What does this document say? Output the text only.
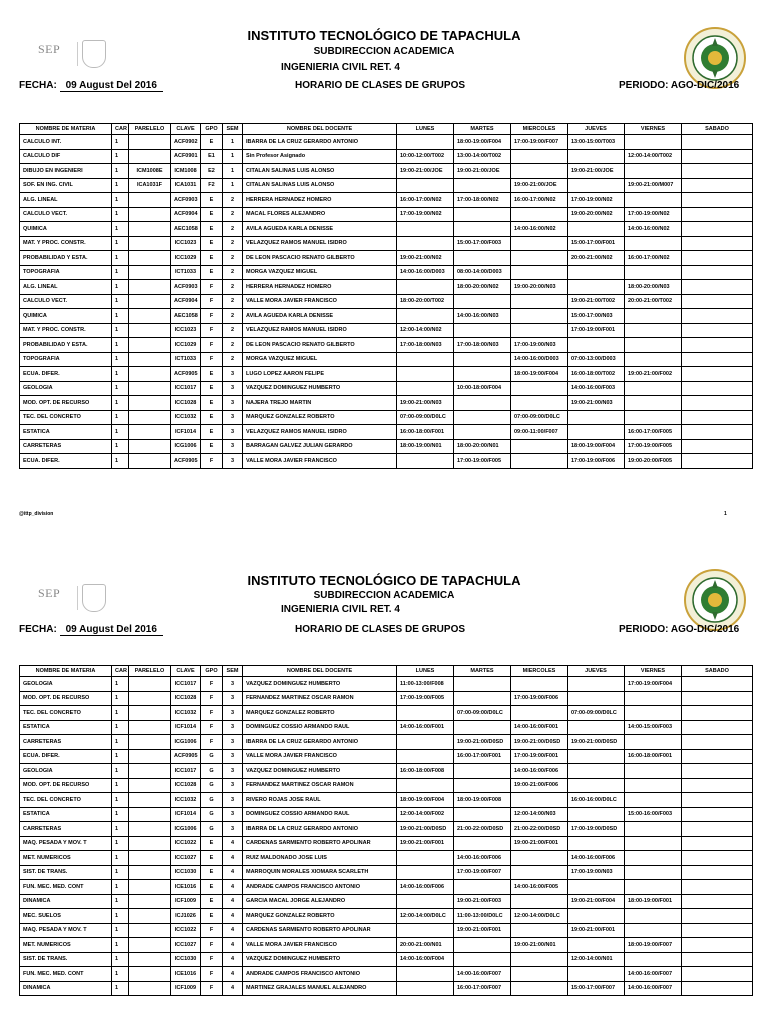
SEP
INSTITUTO TECNOLÓGICO DE TAPACHULA
SUBDIRECCION ACADEMICA
INGENIERIA CIVIL RET. 4
FECHA: 09 August Del 2016	HORARIO DE CLASES DE GRUPOS	PERIODO: AGO-DIC/2016
NOMBRE DE MATERIA	CAR	PARELELO	CLAVE	GPO	SEM	NOMBRE DEL DOCENTE	LUNES	MARTES	MIERCOLES	JUEVES	VIERNES	SABADO
CALCULO INT.	1		ACF0902	E	1	IBARRA DE LA CRUZ GERARDO ANTONIO		18:00-19:00/F004	17:00-19:00/F007	13:00-15:00/T003		
CALCULO DIF	1		ACF0901	E1	1	Sin Profesor Asignado	10:00-12:00/T002	13:00-14:00/T002			12:00-14:00/T002	
DIBUJO EN INGENIERI	1	ICM1008E	ICM1008	E2	1	CITALAN SALINAS LUIS ALONSO	19:00-21:00/JOE	19:00-21:00/JOE		19:00-21:00/JOE		
SOF. EN ING. CIVIL	1	ICA1031F	ICA1031	F2	1	CITALAN SALINAS LUIS ALONSO			19:00-21:00/JOE		19:00-21:00/M007	
ALG. LINEAL	1		ACF0903	E	2	HERRERA HERNADEZ HOMERO	16:00-17:00/N02	17:00-18:00/N02	16:00-17:00/N02	17:00-19:00/N02		
CALCULO VECT.	1		ACF0904	E	2	MACAL FLORES ALEJANDRO	17:00-19:00/N02			19:00-20:00/N02	17:00-19:00/N02	
QUIMICA	1		AEC1058	E	2	AVILA AGUEDA KARLA DENISSE			14:00-16:00/N02		14:00-16:00/N02	
MAT. Y PROC. CONSTR.	1		ICC1023	E	2	VELAZQUEZ RAMOS MANUEL ISIDRO		15:00-17:00/F003		15:00-17:00/F001		
PROBABILIDAD Y ESTA.	1		ICC1029	E	2	DE LEON PASCACIO RENATO GILBERTO	19:00-21:00/N02			20:00-21:00/N02	16:00-17:00/N02	
TOPOGRAFIA	1		ICT1033	E	2	MORGA VAZQUEZ MIGUEL	14:00-16:00/D003	08:00-14:00/D003				
ALG. LINEAL	1		ACF0903	F	2	HERRERA HERNADEZ HOMERO		18:00-20:00/N02	19:00-20:00/N03		18:00-20:00/N03	
CALCULO VECT.	1		ACF0904	F	2	VALLE MORA JAVIER FRANCISCO	18:00-20:00/T002			19:00-21:00/T002	20:00-21:00/T002	
QUIMICA	1		AEC1058	F	2	AVILA AGUEDA KARLA DENISSE		14:00-16:00/N03		15:00-17:00/N03		
MAT. Y PROC. CONSTR.	1		ICC1023	F	2	VELAZQUEZ RAMOS MANUEL ISIDRO	12:00-14:00/N02			17:00-19:00/F001		
PROBABILIDAD Y ESTA.	1		ICC1029	F	2	DE LEON PASCACIO RENATO GILBERTO	17:00-18:00/N03	17:00-18:00/N03	17:00-19:00/N03			
TOPOGRAFIA	1		ICT1033	F	2	MORGA VAZQUEZ MIGUEL			14:00-16:00/D003	07:00-13:00/D003		
ECUA. DIFER.	1		ACF0905	E	3	LUGO LOPEZ AARON FELIPE			18:00-19:00/F004	16:00-18:00/T002	19:00-21:00/F002	
GEOLOGIA	1		ICC1017	E	3	VAZQUEZ DOMINGUEZ HUMBERTO		10:00-18:00/F004		14:00-16:00/F003		
MOD. OPT. DE RECURSO	1		ICC1028	E	3	NAJERA TREJO MARTIN	19:00-21:00/N03			19:00-21:00/N03		
TEC. DEL CONCRETO	1		ICC1032	E	3	MARQUEZ GONZALEZ ROBERTO	07:00-09:00/D0LC		07:00-09:00/D0LC			
ESTATICA	1		ICF1014	E	3	VELAZQUEZ RAMOS MANUEL ISIDRO	16:00-18:00/F001		09:00-11:00/F007		16:00-17:00/F005	
CARRETERAS	1		ICG1006	E	3	BARRAGAN GALVEZ JULIAN GERARDO	18:00-19:00/N01	18:00-20:00/N01		18:00-19:00/F004	17:00-19:00/F005	
ECUA. DIFER.	1		ACF0905	F	3	VALLE MORA JAVIER FRANCISCO		17:00-19:00/F005		17:00-19:00/F006	19:00-20:00/F005	
@ittp_division	1
SEP
INSTITUTO TECNOLÓGICO DE TAPACHULA
SUBDIRECCION ACADEMICA
INGENIERIA CIVIL RET. 4
FECHA: 09 August Del 2016	HORARIO DE CLASES DE GRUPOS	PERIODO: AGO-DIC/2016
NOMBRE DE MATERIA	CAR	PARELELO	CLAVE	GPO	SEM	NOMBRE DEL DOCENTE	LUNES	MARTES	MIERCOLES	JUEVES	VIERNES	SABADO
GEOLOGIA	1		ICC1017	F	3	VAZQUEZ DOMINGUEZ HUMBERTO	11:00-13:00/F008				17:00-19:00/F004	
MOD. OPT. DE RECURSO	1		ICC1028	F	3	FERNANDEZ MARTINEZ OSCAR RAMON	17:00-19:00/F005		17:00-19:00/F006			
TEC. DEL CONCRETO	1		ICC1032	F	3	MARQUEZ GONZALEZ ROBERTO		07:00-09:00/D0LC		07:00-09:00/D0LC		
ESTATICA	1		ICF1014	F	3	DOMINGUEZ COSSIO ARMANDO RAUL	14:00-16:00/F001		14:00-16:00/F001		14:00-15:00/F003	
CARRETERAS	1		ICG1006	F	3	IBARRA DE LA CRUZ GERARDO ANTONIO		19:00-21:00/D0SD	19:00-21:00/D0SD	19:00-21:00/D0SD		
ECUA. DIFER.	1		ACF0905	G	3	VALLE MORA JAVIER FRANCISCO		16:00-17:00/F001	17:00-19:00/F001		16:00-18:00/F001	
GEOLOGIA	1		ICC1017	G	3	VAZQUEZ DOMINGUEZ HUMBERTO	16:00-18:00/F008		14:00-16:00/F006			
MOD. OPT. DE RECURSO	1		ICC1028	G	3	FERNANDEZ MARTINEZ OSCAR RAMON			19:00-21:00/F006			
TEC. DEL CONCRETO	1		ICC1032	G	3	RIVERO ROJAS JOSE RAUL	18:00-19:00/F004	18:00-19:00/F008		16:00-16:00/D0LC		
ESTATICA	1		ICF1014	G	3	DOMINGUEZ COSSIO ARMANDO RAUL	12:00-14:00/F002		12:00-14:00/N03		15:00-16:00/F003	
CARRETERAS	1		ICG1006	G	3	IBARRA DE LA CRUZ GERARDO ANTONIO	19:00-21:00/D0SD	21:00-22:00/D0SD	21:00-22:00/D0SD	17:00-19:00/D0SD		
MAQ. PESADA Y MOV. T	1		ICC1022	E	4	CARDENAS SARMIENTO ROBERTO APOLINAR	19:00-21:00/F001		19:00-21:00/F001			
MET. NUMERICOS	1		ICC1027	E	4	RUIZ MALDONADO JOSE LUIS		14:00-16:00/F006		14:00-16:00/F006		
SIST. DE TRANS.	1		ICC1030	E	4	MARROQUIN MORALES XIOMARA SCARLETH		17:00-19:00/F007		17:00-19:00/N03		
FUN. MEC. MED. CONT	1		ICE1016	E	4	ANDRADE CAMPOS FRANCISCO ANTONIO	14:00-16:00/F006		14:00-16:00/F005			
DINAMICA	1		ICF1009	E	4	GARCIA MACAL JORGE ALEJANDRO		19:00-21:00/F003		19:00-21:00/F004	18:00-19:00/F001	
MEC. SUELOS	1		ICJ1026	E	4	MARQUEZ GONZALEZ ROBERTO	12:00-14:00/D0LC	11:00-13:00/D0LC	12:00-14:00/D0LC			
MAQ. PESADA Y MOV. T	1		ICC1022	F	4	CARDENAS SARMIENTO ROBERTO APOLINAR		19:00-21:00/F001		19:00-21:00/F001		
MET. NUMERICOS	1		ICC1027	F	4	VALLE MORA JAVIER FRANCISCO	20:00-21:00/N01		19:00-21:00/N01		18:00-19:00/F007	
SIST. DE TRANS.	1		ICC1030	F	4	VAZQUEZ DOMINGUEZ HUMBERTO	14:00-16:00/F004			12:00-14:00/N01		
FUN. MEC. MED. CONT	1		ICE1016	F	4	ANDRADE CAMPOS FRANCISCO ANTONIO		14:00-16:00/F007			14:00-16:00/F007	
DINAMICA	1		ICF1009	F	4	MARTINEZ GRAJALES MANUEL ALEJANDRO		16:00-17:00/F007		15:00-17:00/F007	14:00-16:00/F007	
